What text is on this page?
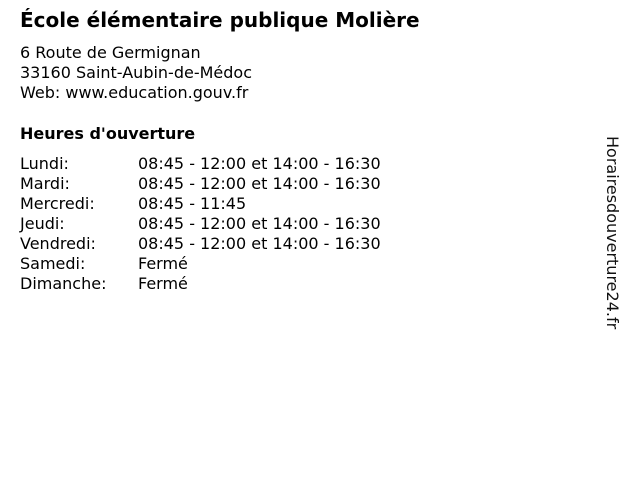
École élémentaire publique Molière
6 Route de Germignan
33160 Saint-Aubin-de-Médoc
Web: www.education.gouv.fr
Heures d'ouverture
Lundi:	08:45 - 12:00 et 14:00 - 16:30
Mardi:	08:45 - 12:00 et 14:00 - 16:30
Mercredi:	08:45 - 11:45
Jeudi:	08:45 - 12:00 et 14:00 - 16:30
Vendredi:	08:45 - 12:00 et 14:00 - 16:30
Samedi:	Fermé
Dimanche:	Fermé	Horairesdouverture24.fr
